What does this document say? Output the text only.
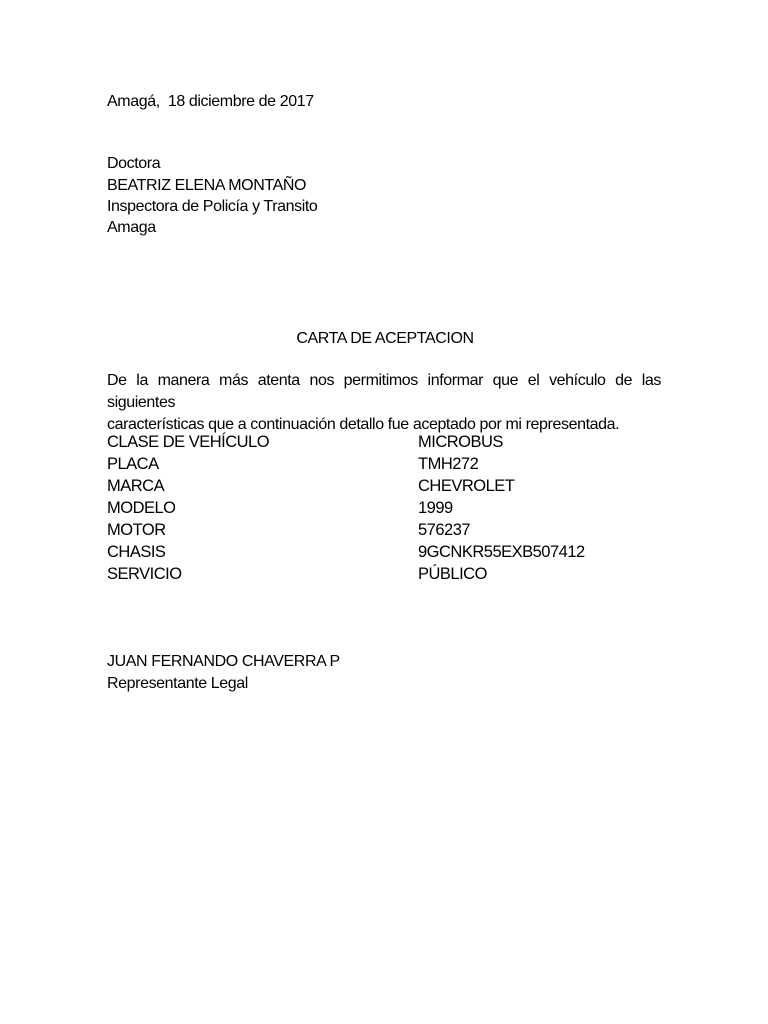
Amagá,  18 diciembre de 2017
Doctora
BEATRIZ ELENA MONTAÑO
Inspectora de Policía y Transito
Amaga
CARTA DE ACEPTACION
De la manera más atenta nos permitimos informar que el vehículo de las siguientes
características que a continuación detallo fue aceptado por mi representada.
CLASE DE VEHÍCULO	MICROBUS
PLACA	TMH272
MARCA	CHEVROLET
MODELO	1999
MOTOR	576237
CHASIS	9GCNKR55EXB507412
SERVICIO	PÚBLICO
JUAN FERNANDO CHAVERRA P
Representante Legal
